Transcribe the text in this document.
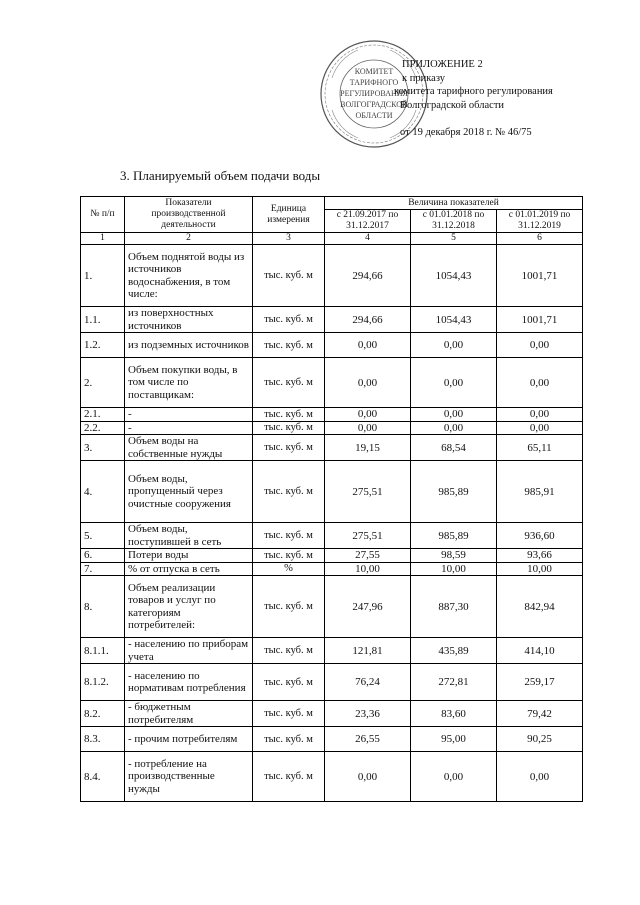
КОМИТЕТ
ТАРИФНОГО
РЕГУЛИРОВАНИЯ
ВОЛГОГРАДСКОЙ
ОБЛАСТИ
ПРИЛОЖЕНИЕ 2
к приказу
комитета тарифного регулирования
Волгоградской области
от 19 декабря 2018 г. № 46/75
3. Планируемый объем подачи воды
№ п/п	Показатели производственной деятельности	Единица измерения	Величина показателей		
			с 21.09.2017 по 31.12.2017	с 01.01.2018 по 31.12.2018	с 01.01.2019 по 31.12.2019
1	2	3	4	5	6
1.	Объем поднятой воды из источников водоснабжения, в том числе:	тыс. куб. м	294,66	1054,43	1001,71
1.1.	из поверхностных источников	тыс. куб. м	294,66	1054,43	1001,71
1.2.	из подземных источников	тыс. куб. м	0,00	0,00	0,00
2.	Объем покупки воды, в том числе по поставщикам:	тыс. куб. м	0,00	0,00	0,00
2.1.	-	тыс. куб. м	0,00	0,00	0,00
2.2.	-	тыс. куб. м	0,00	0,00	0,00
3.	Объем воды на собственные нужды	тыс. куб. м	19,15	68,54	65,11
4.	Объем воды, пропущенный через очистные сооружения	тыс. куб. м	275,51	985,89	985,91
5.	Объем воды, поступившей в сеть	тыс. куб. м	275,51	985,89	936,60
6.	Потери воды	тыс. куб. м	27,55	98,59	93,66
7.	% от отпуска в сеть	%	10,00	10,00	10,00
8.	Объем реализации товаров и услуг по категориям потребителей:	тыс. куб. м	247,96	887,30	842,94
8.1.1.	- населению по приборам учета	тыс. куб. м	121,81	435,89	414,10
8.1.2.	- населению по нормативам потребления	тыс. куб. м	76,24	272,81	259,17
8.2.	- бюджетным потребителям	тыс. куб. м	23,36	83,60	79,42
8.3.	- прочим потребителям	тыс. куб. м	26,55	95,00	90,25
8.4.	- потребление на производственные нужды	тыс. куб. м	0,00	0,00	0,00
